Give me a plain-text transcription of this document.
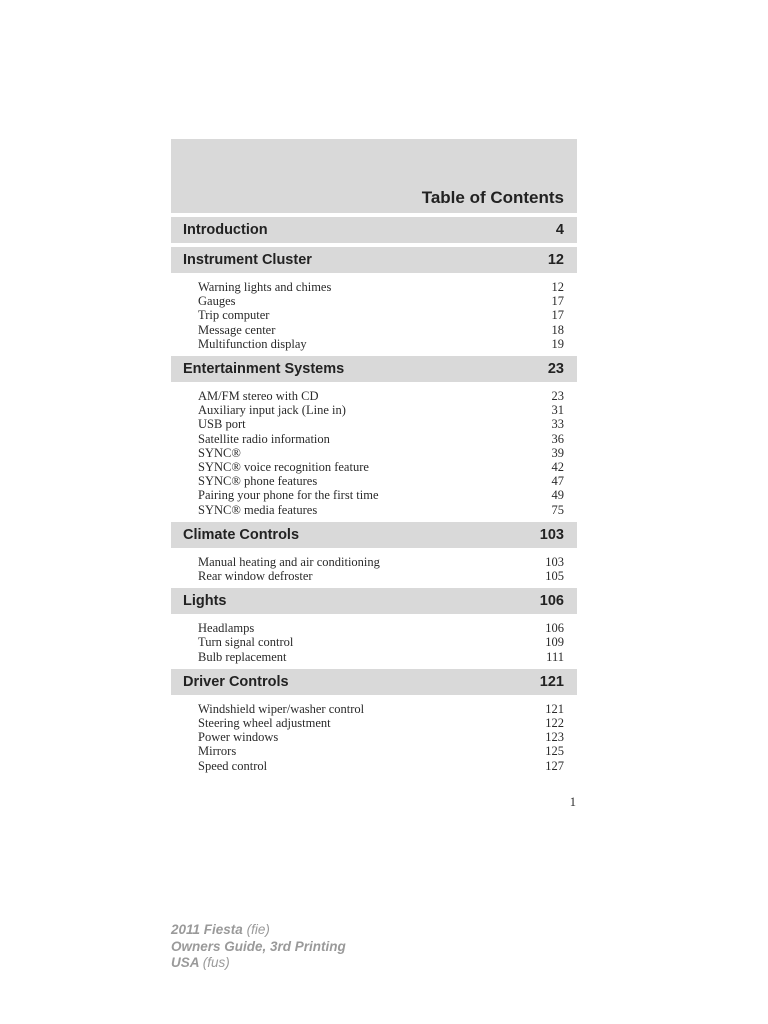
Table of Contents
Introduction	4
Instrument Cluster	12
Warning lights and chimes	12
Gauges	17
Trip computer	17
Message center	18
Multifunction display	19
Entertainment Systems	23
AM/FM stereo with CD	23
Auxiliary input jack (Line in)	31
USB port	33
Satellite radio information	36
SYNC®	39
SYNC® voice recognition feature	42
SYNC® phone features	47
Pairing your phone for the first time	49
SYNC® media features	75
Climate Controls	103
Manual heating and air conditioning	103
Rear window defroster	105
Lights	106
Headlamps	106
Turn signal control	109
Bulb replacement	111
Driver Controls	121
Windshield wiper/washer control	121
Steering wheel adjustment	122
Power windows	123
Mirrors	125
Speed control	127
1
2011 Fiesta (fie)
Owners Guide, 3rd Printing
USA (fus)
